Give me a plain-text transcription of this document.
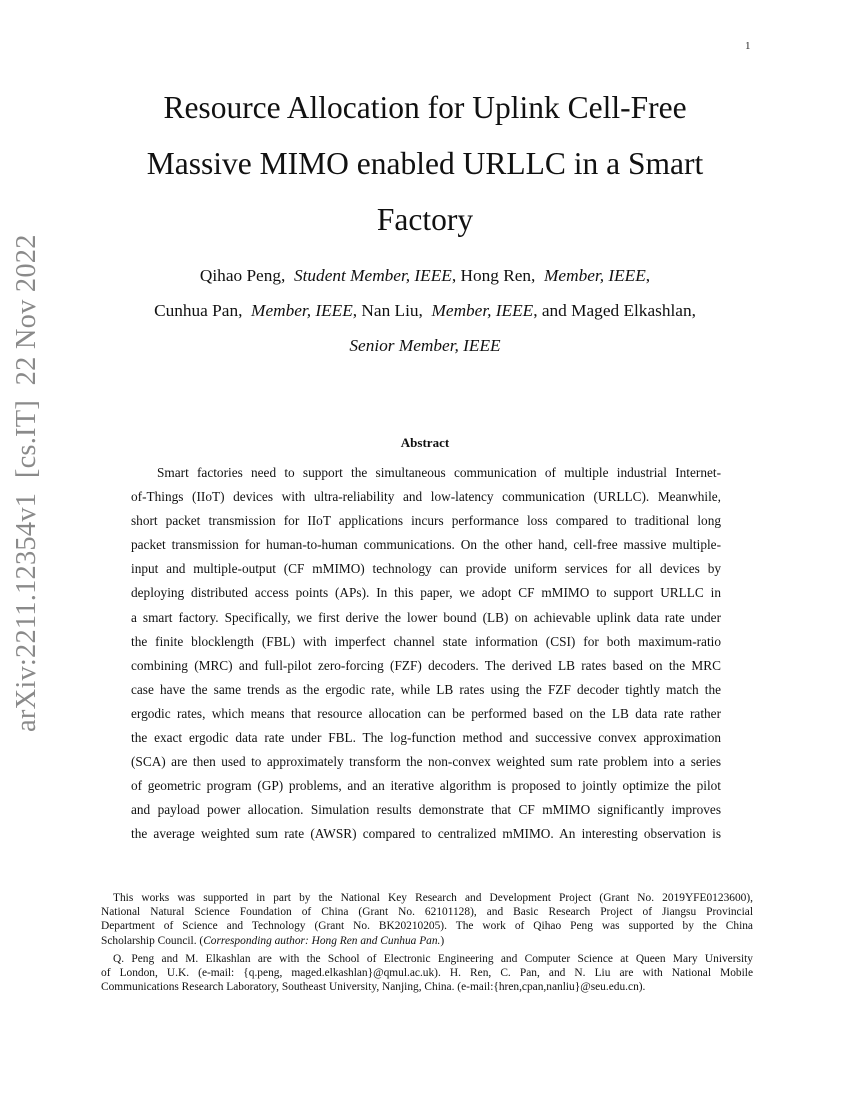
1
arXiv:2211.12354v1  [cs.IT]  22 Nov 2022
Resource Allocation for Uplink Cell-Free
Massive MIMO enabled URLLC in a Smart
Factory
Qihao Peng, Student Member, IEEE, Hong Ren, Member, IEEE,
Cunhua Pan, Member, IEEE, Nan Liu, Member, IEEE, and Maged Elkashlan,
Senior Member, IEEE
Abstract
Smart factories need to support the simultaneous communication of multiple industrial Internet-
of-Things (IIoT) devices with ultra-reliability and low-latency communication (URLLC). Meanwhile,
short packet transmission for IIoT applications incurs performance loss compared to traditional long
packet transmission for human-to-human communications. On the other hand, cell-free massive multiple-
input and multiple-output (CF mMIMO) technology can provide uniform services for all devices by
deploying distributed access points (APs). In this paper, we adopt CF mMIMO to support URLLC in
a smart factory. Specifically, we first derive the lower bound (LB) on achievable uplink data rate under
the finite blocklength (FBL) with imperfect channel state information (CSI) for both maximum-ratio
combining (MRC) and full-pilot zero-forcing (FZF) decoders. The derived LB rates based on the MRC
case have the same trends as the ergodic rate, while LB rates using the FZF decoder tightly match the
ergodic rates, which means that resource allocation can be performed based on the LB data rate rather
the exact ergodic data rate under FBL. The log-function method and successive convex approximation
(SCA) are then used to approximately transform the non-convex weighted sum rate problem into a series
of geometric program (GP) problems, and an iterative algorithm is proposed to jointly optimize the pilot
and payload power allocation. Simulation results demonstrate that CF mMIMO significantly improves
the average weighted sum rate (AWSR) compared to centralized mMIMO. An interesting observation is
This works was supported in part by the National Key Research and Development Project (Grant No. 2019YFE0123600),
National Natural Science Foundation of China (Grant No. 62101128), and Basic Research Project of Jiangsu Provincial
Department of Science and Technology (Grant No. BK20210205). The work of Qihao Peng was supported by the China
Scholarship Council. (Corresponding author: Hong Ren and Cunhua Pan.)
Q. Peng and M. Elkashlan are with the School of Electronic Engineering and Computer Science at Queen Mary University
of London, U.K. (e-mail: {q.peng, maged.elkashlan}@qmul.ac.uk). H. Ren, C. Pan, and N. Liu are with National Mobile
Communications Research Laboratory, Southeast University, Nanjing, China. (e-mail:{hren,cpan,nanliu}@seu.edu.cn).
